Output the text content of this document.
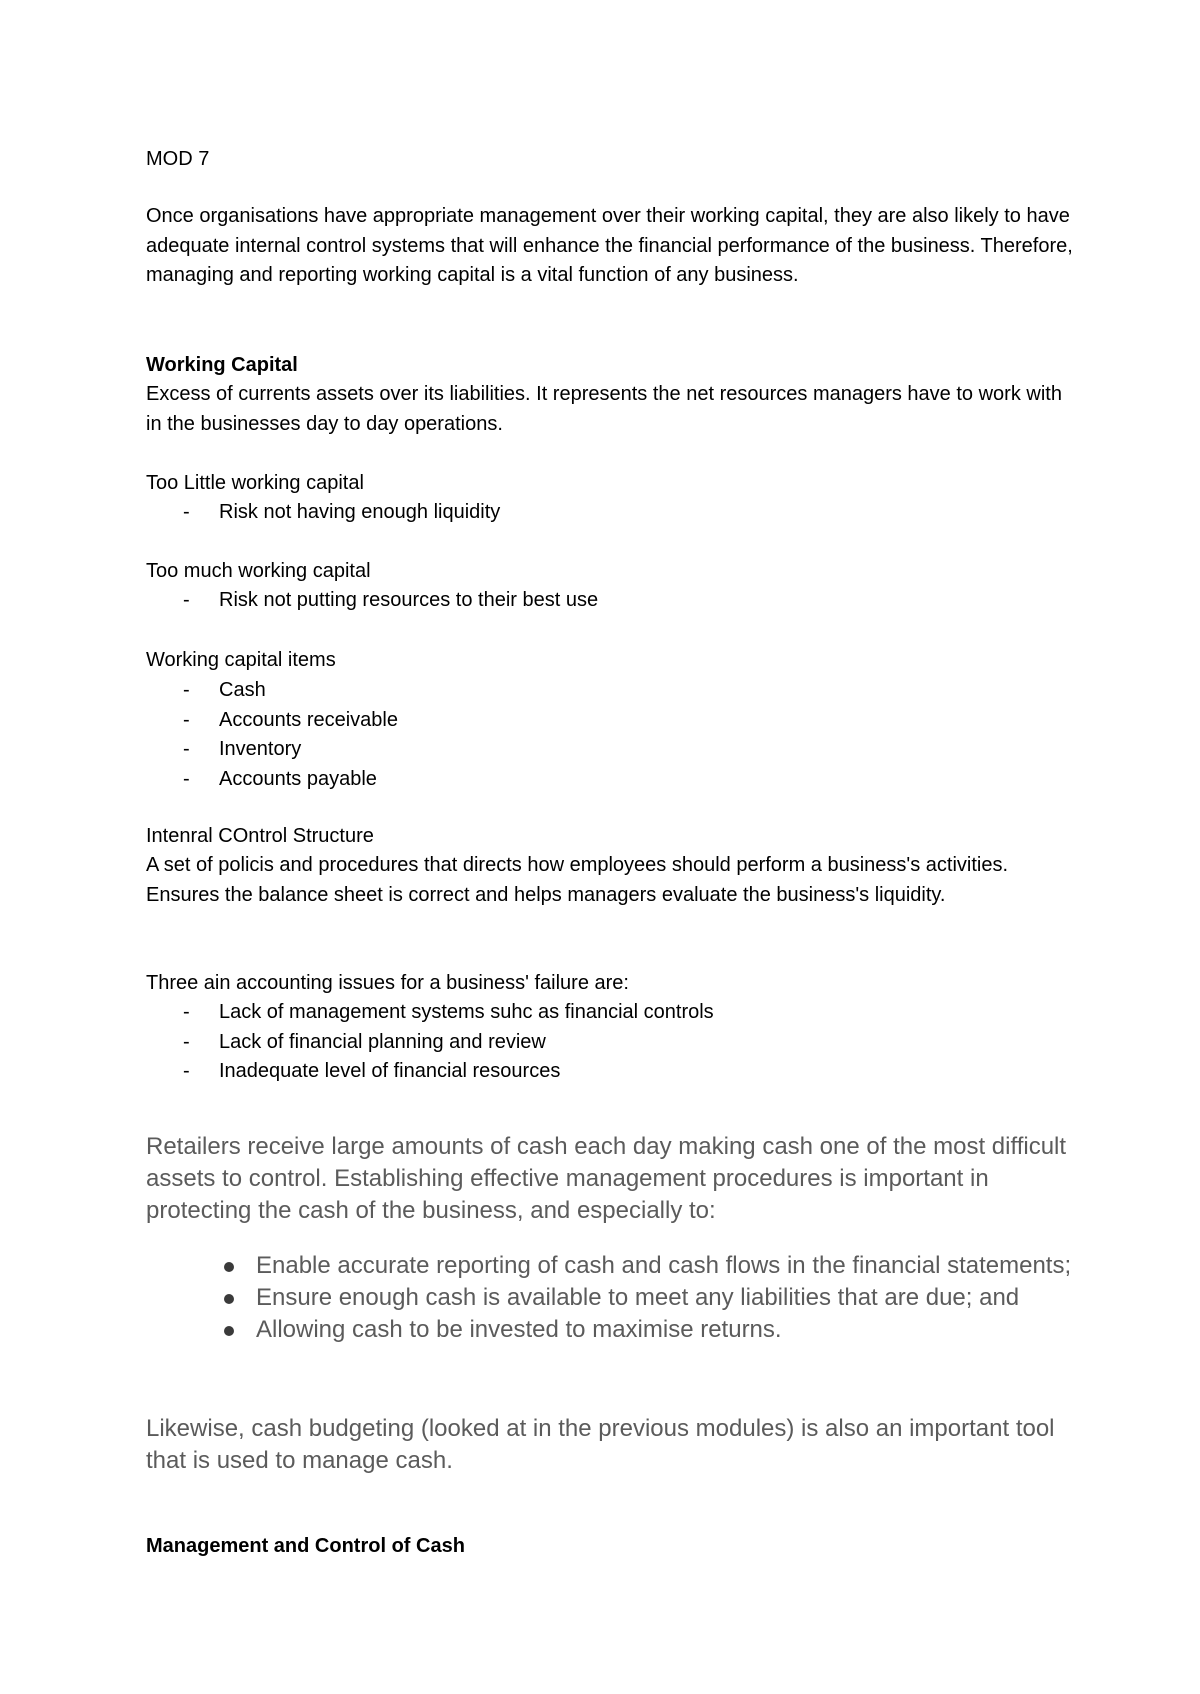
MOD 7

Once organisations have appropriate management over their working capital, they are also likely to have adequate internal control systems that will enhance the financial performance of the business. Therefore, managing and reporting working capital is a vital function of any business.

Working Capital

Excess of currents assets over its liabilities. It represents the net resources managers have to work with in the businesses day to day operations.

Too Little working capital

- Risk not having enough liquidity

Too much working capital

- Risk not putting resources to their best use

Working capital items

- Cash
- Accounts receivable
- Inventory
- Accounts payable

Intenral COntrol Structure

A set of policis and procedures that directs how employees should perform a business's activities. Ensures the balance sheet is correct and helps managers evaluate the business's liquidity.

Three ain accounting issues for a business' failure are:

- Lack of management systems suhc as financial controls
- Lack of financial planning and review
- Inadequate level of financial resources

Retailers receive large amounts of cash each day making cash one of the most difficult assets to control. Establishing effective management procedures is important in protecting the cash of the business, and especially to:

Enable accurate reporting of cash and cash flows in the financial statements;
Ensure enough cash is available to meet any liabilities that are due; and
Allowing cash to be invested to maximise returns.

Likewise, cash budgeting (looked at in the previous modules) is also an important tool that is used to manage cash.

Management and Control of Cash
